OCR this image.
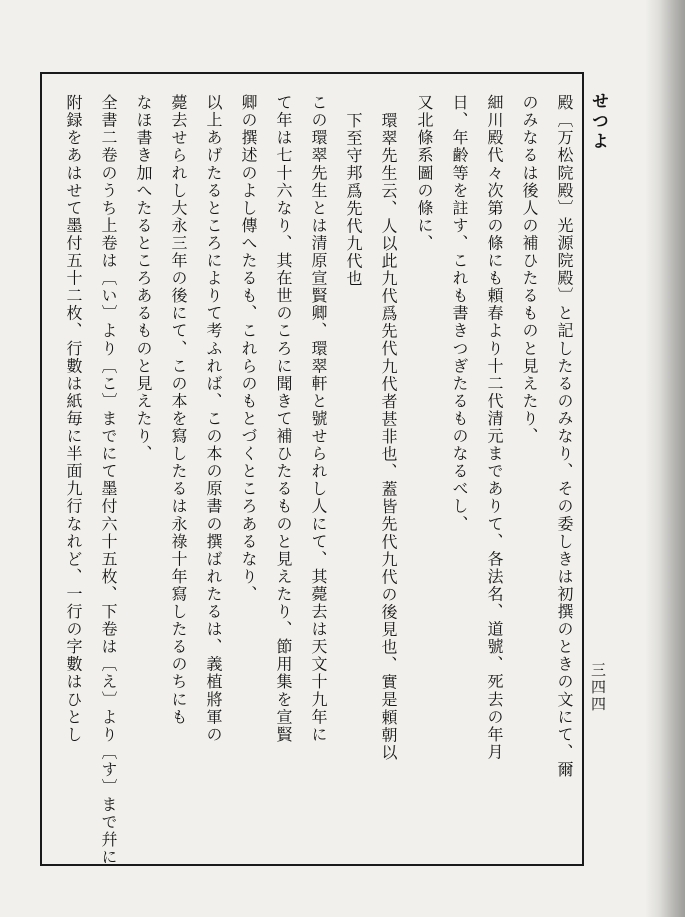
せつよ
三四四
殿〔万松院殿〕光源院殿〕と記したるのみなり、その委しきは初撰のときの文にて、爾
のみなるは後人の補ひたるものと見えたり、
細川殿代々次第の條にも頼春より十二代清元までありて、各法名、道號、死去の年月
日、年齢等を註す、これも書きつぎたるものなるべし、
又北條系圖の條に、
環翠先生云、人以此九代爲先代九代者甚非也、蓋皆先代九代の後見也、實是頼朝以
下至守邦爲先代九代也
この環翠先生とは清原宣賢卿、環翠軒と號せられし人にて、其薨去は天文十九年に
て年は七十六なり、其在世のころに聞きて補ひたるものと見えたり、節用集を宣賢
卿の撰述のよし傳へたるも、これらのもとづくところあるなり、
以上あげたるところによりて考ふれば、この本の原書の撰ばれたるは、義植將軍の
薨去せられし大永三年の後にて、この本を寫したるは永祿十年寫したるのちにも
なほ書き加へたるところあるものと見えたり、
全書二卷のうち上卷は〔い〕より〔こ〕までにて墨付六十五枚、下卷は〔え〕より〔す〕まで幷に
附録をあはせて墨付五十二枚、行數は紙毎に半面九行なれど、一行の字數はひとし
